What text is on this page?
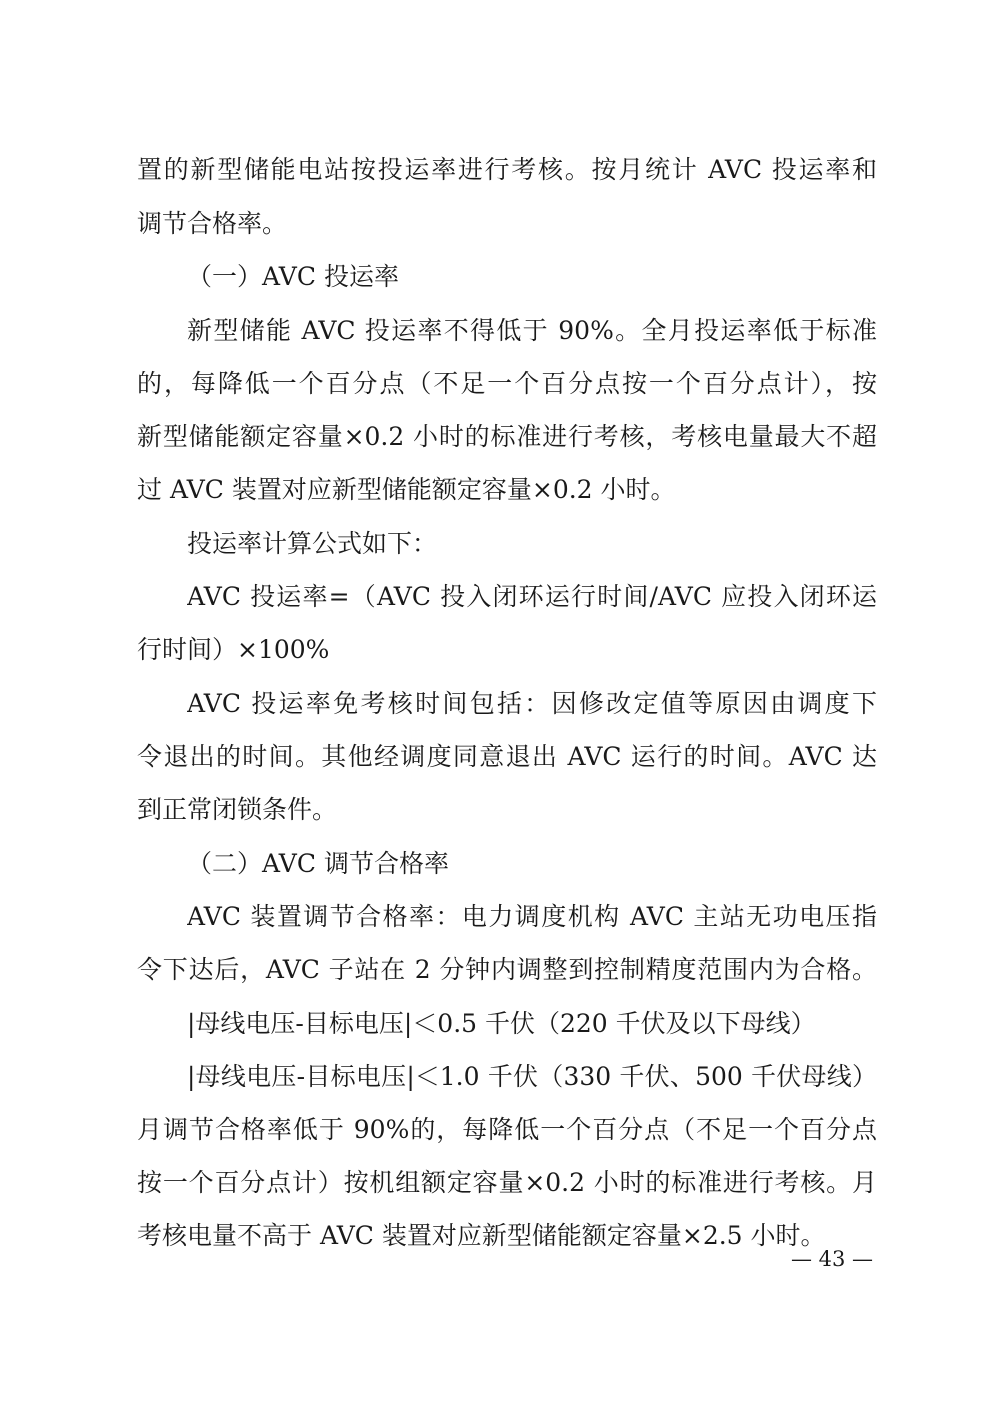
置的新型储能电站按投运率进行考核。按月统计 AVC 投运率和
调节合格率。
（一）AVC 投运率
新型储能 AVC 投运率不得低于 90%。全月投运率低于标准
的，每降低一个百分点（不足一个百分点按一个百分点计），按
新型储能额定容量×0.2 小时的标准进行考核，考核电量最大不超
过 AVC 装置对应新型储能额定容量×0.2 小时。
投运率计算公式如下：
AVC 投运率=（AVC 投入闭环运行时间/AVC 应投入闭环运
行时间）×100%
AVC 投运率免考核时间包括：因修改定值等原因由调度下
令退出的时间。其他经调度同意退出 AVC 运行的时间。AVC 达
到正常闭锁条件。
（二）AVC 调节合格率
AVC 装置调节合格率：电力调度机构 AVC 主站无功电压指
令下达后，AVC 子站在 2 分钟内调整到控制精度范围内为合格。
|母线电压-目标电压|＜0.5 千伏（220 千伏及以下母线）
|母线电压-目标电压|＜1.0 千伏（330 千伏、500 千伏母线）
月调节合格率低于 90%的，每降低一个百分点（不足一个百分点
按一个百分点计）按机组额定容量×0.2 小时的标准进行考核。月
考核电量不高于 AVC 装置对应新型储能额定容量×2.5 小时。
— 43 —
